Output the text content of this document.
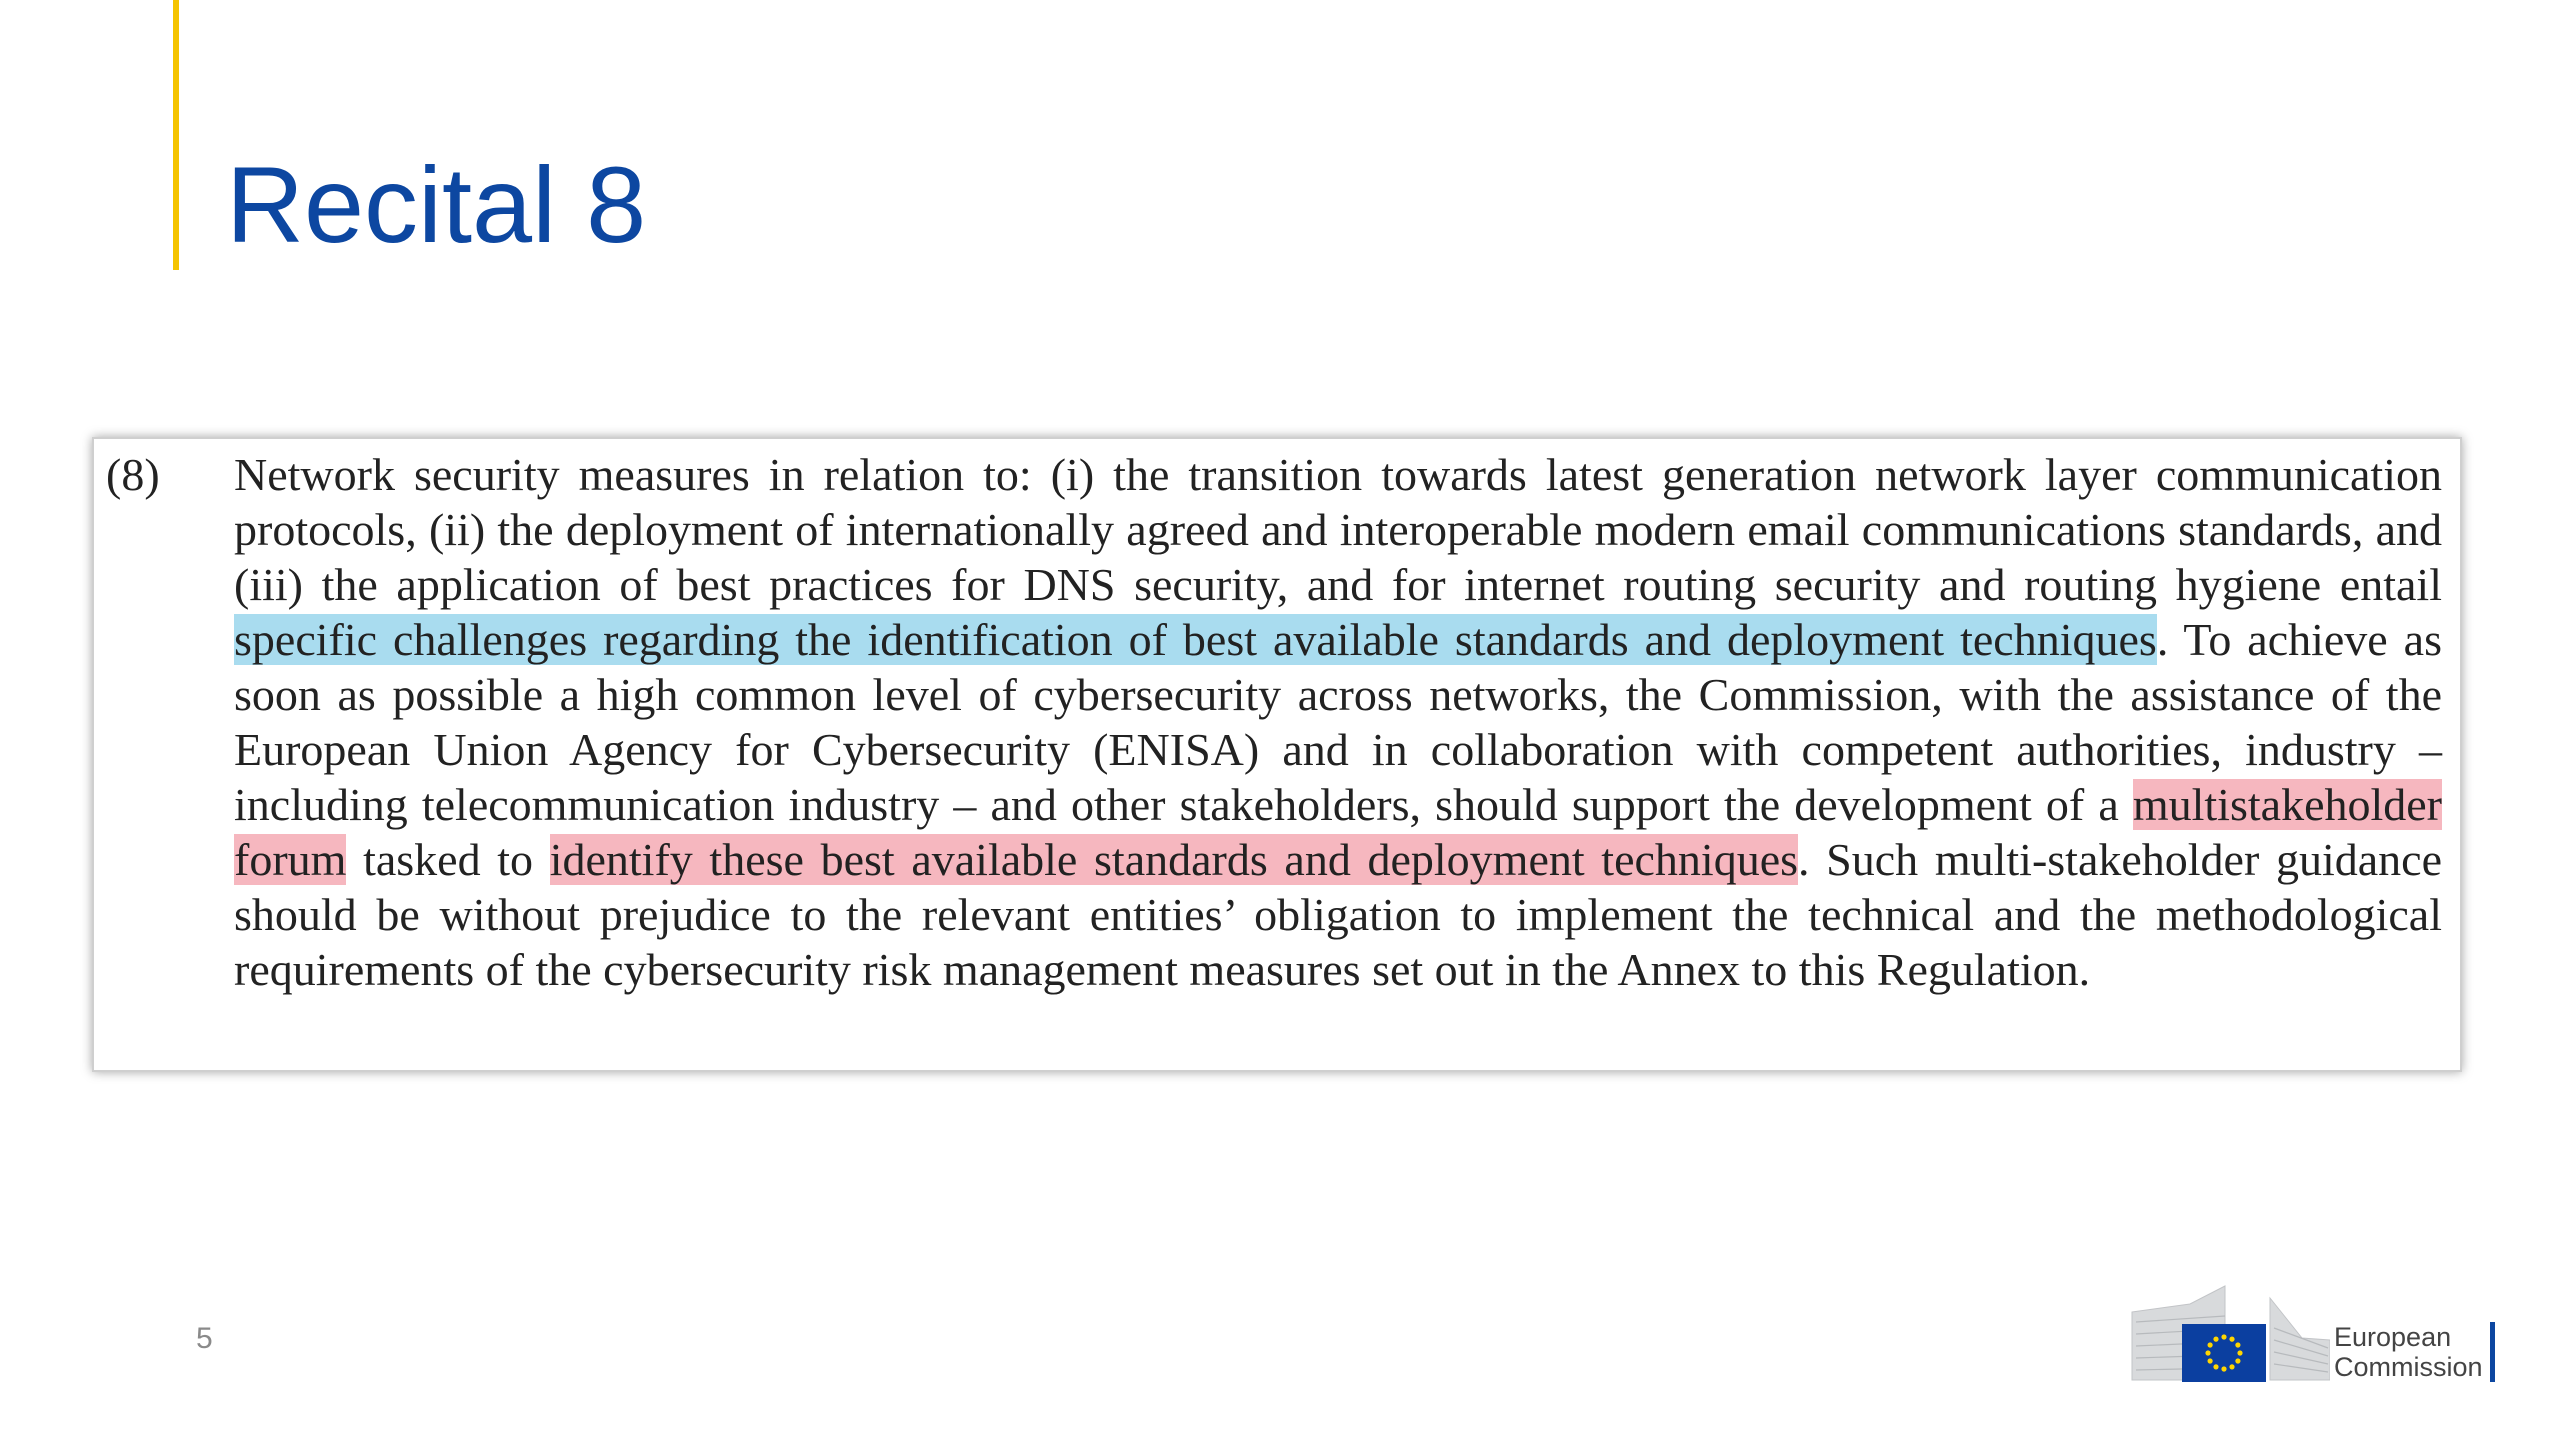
Recital 8
(8) Network security measures in relation to: (i) the transition towards latest generation network layer communication protocols, (ii) the deployment of internationally agreed and interoperable modern email communications standards, and (iii) the application of best practices for DNS security, and for internet routing security and routing hygiene entail specific challenges regarding the identification of best available standards and deployment techniques. To achieve as soon as possible a high common level of cybersecurity across networks, the Commission, with the assistance of the European Union Agency for Cybersecurity (ENISA) and in collaboration with competent authorities, industry – including telecommunication industry – and other stakeholders, should support the development of a multistakeholder forum tasked to identify these best available standards and deployment techniques. Such multi-stakeholder guidance should be without prejudice to the relevant entities’ obligation to implement the technical and the methodological requirements of the cybersecurity risk management measures set out in the Annex to this Regulation.

5	European
Commission
